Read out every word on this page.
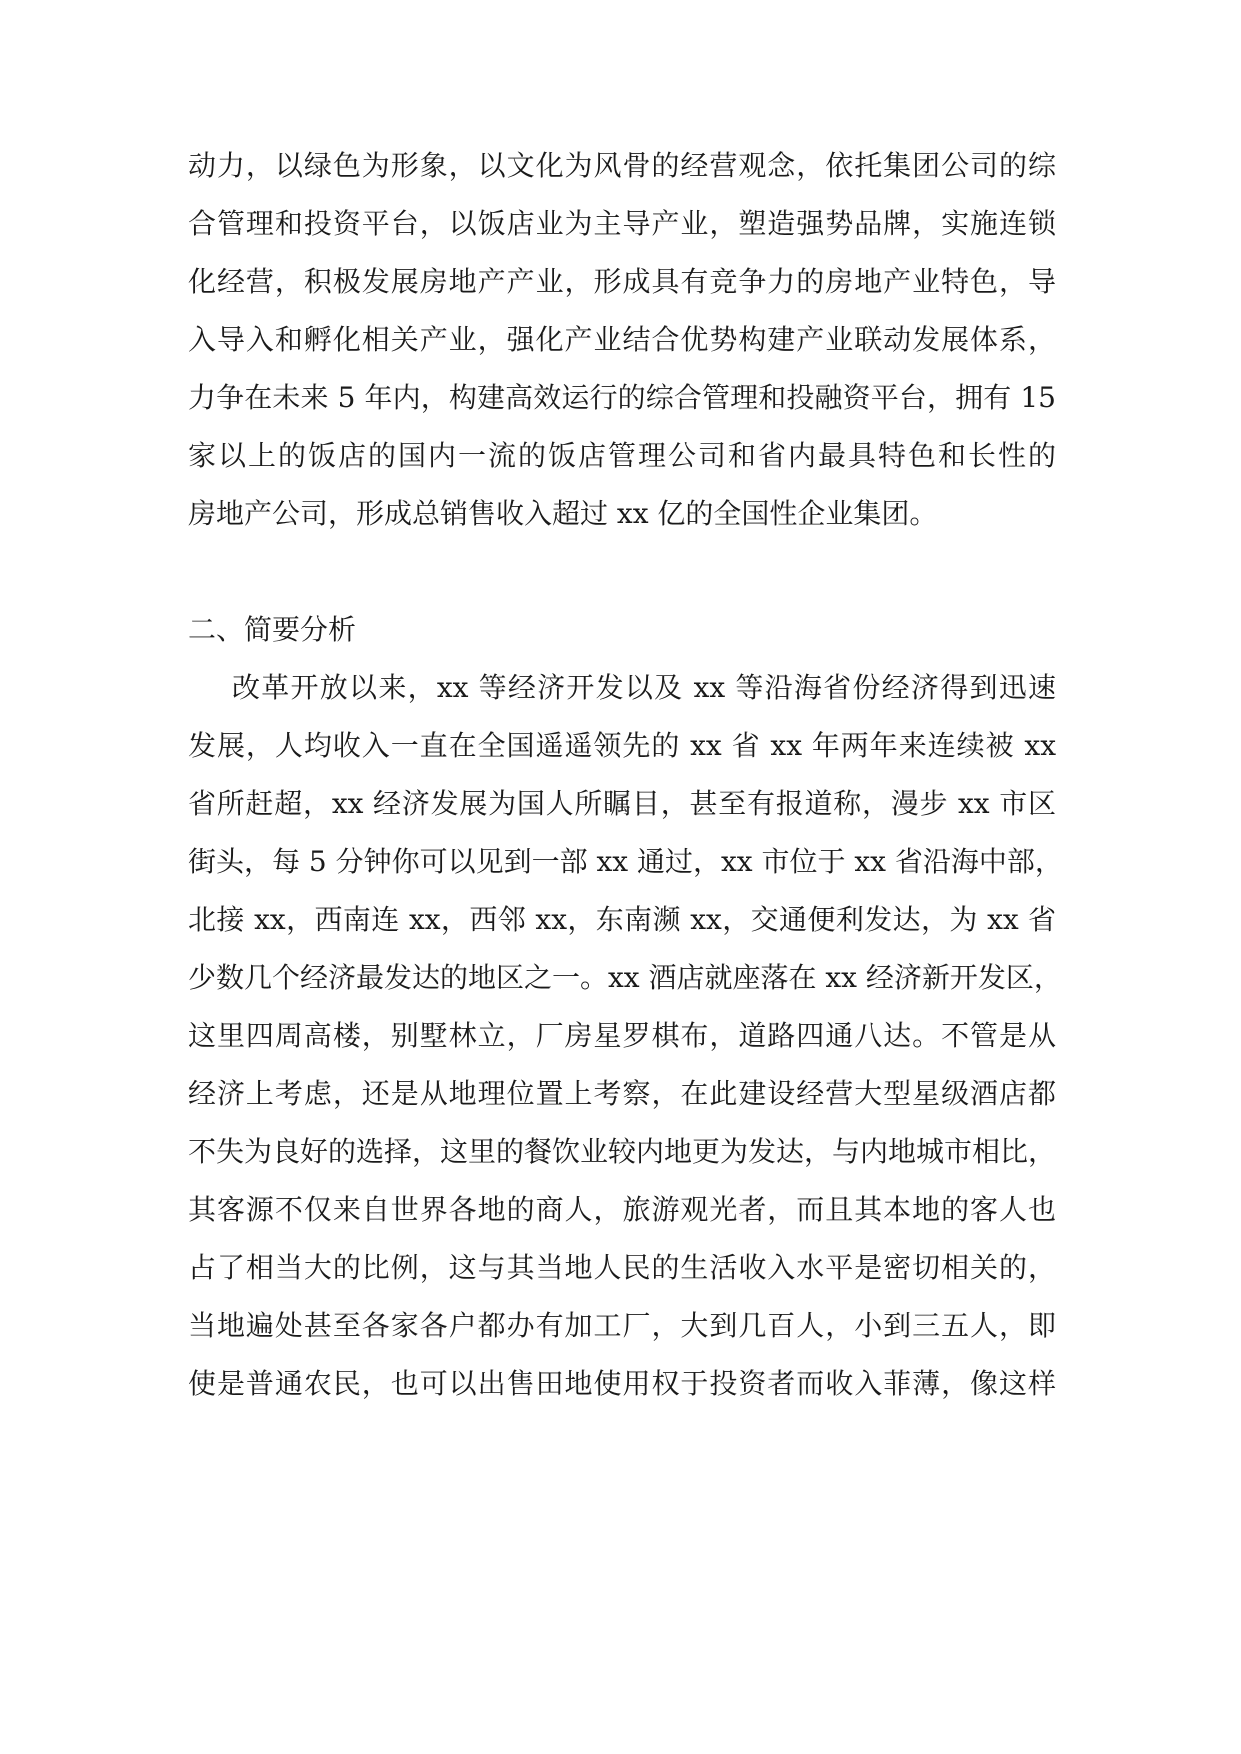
动力，以绿色为形象，以文化为风骨的经营观念，依托集团公司的综
合管理和投资平台，以饭店业为主导产业，塑造强势品牌，实施连锁
化经营，积极发展房地产产业，形成具有竞争力的房地产业特色，导
入导入和孵化相关产业，强化产业结合优势构建产业联动发展体系，
力争在未来 5 年内，构建高效运行的综合管理和投融资平台，拥有 15
家以上的饭店的国内一流的饭店管理公司和省内最具特色和长性的
房地产公司，形成总销售收入超过 xx 亿的全国性企业集团。
二、简要分析
改革开放以来，xx 等经济开发以及 xx 等沿海省份经济得到迅速
发展，人均收入一直在全国遥遥领先的 xx 省 xx 年两年来连续被 xx
省所赶超，xx 经济发展为国人所瞩目，甚至有报道称，漫步 xx 市区
街头，每 5 分钟你可以见到一部 xx 通过，xx 市位于 xx 省沿海中部，
北接 xx，西南连 xx，西邻 xx，东南濒 xx，交通便利发达，为 xx 省
少数几个经济最发达的地区之一。xx 酒店就座落在 xx 经济新开发区，
这里四周高楼，别墅林立，厂房星罗棋布，道路四通八达。不管是从
经济上考虑，还是从地理位置上考察，在此建设经营大型星级酒店都
不失为良好的选择，这里的餐饮业较内地更为发达，与内地城市相比，
其客源不仅来自世界各地的商人，旅游观光者，而且其本地的客人也
占了相当大的比例，这与其当地人民的生活收入水平是密切相关的，
当地遍处甚至各家各户都办有加工厂，大到几百人，小到三五人，即
使是普通农民，也可以出售田地使用权于投资者而收入菲薄，像这样
